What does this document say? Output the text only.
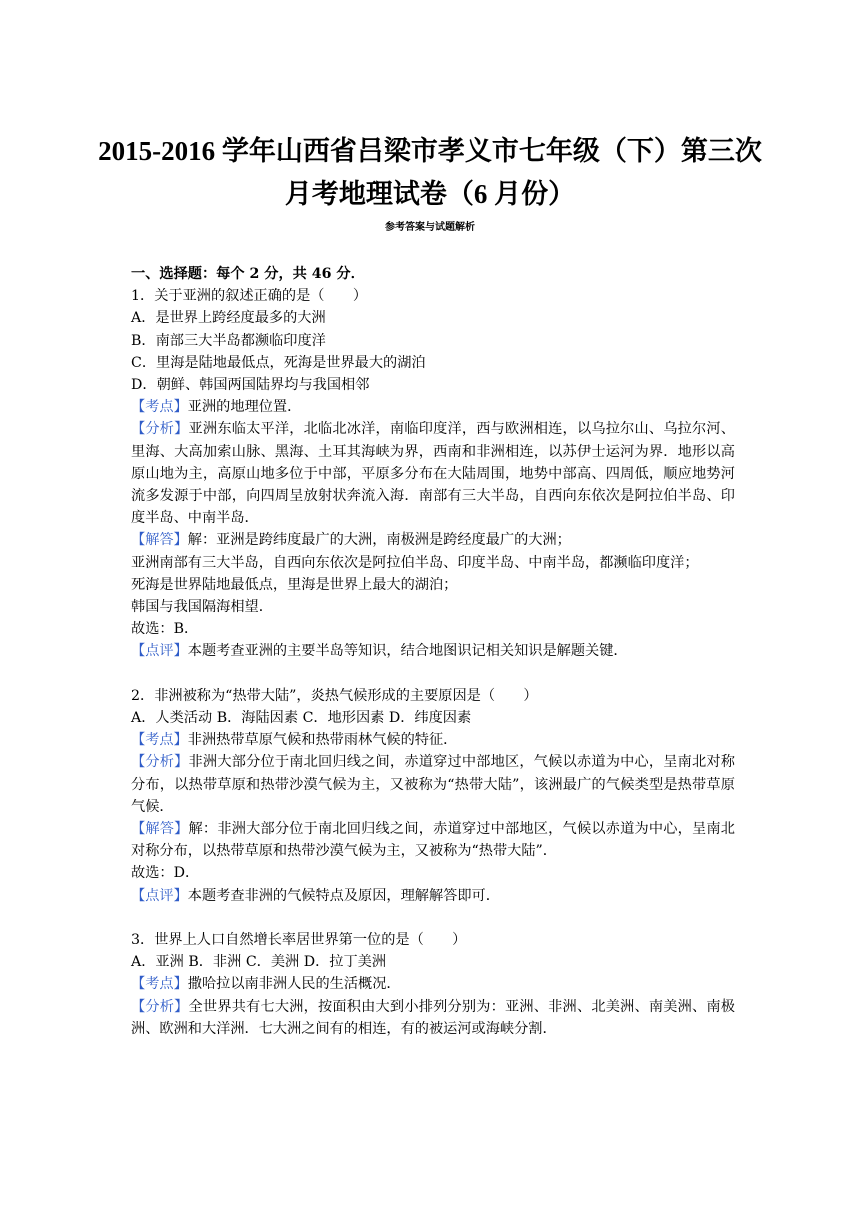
2015-2016 学年山西省吕梁市孝义市七年级（下）第三次
月考地理试卷（6 月份）
参考答案与试题解析

一、选择题：每个 2 分，共 46 分．

1．关于亚洲的叙述正确的是（　　）

A．是世界上跨经度最多的大洲

B．南部三大半岛都濒临印度洋

C．里海是陆地最低点，死海是世界最大的湖泊

D．朝鲜、韩国两国陆界均与我国相邻

【考点】亚洲的地理位置．

【分析】亚洲东临太平洋，北临北冰洋，南临印度洋，西与欧洲相连，以乌拉尔山、乌拉尔河、里海、大高加索山脉、黑海、土耳其海峡为界，西南和非洲相连，以苏伊士运河为界．地形以高原山地为主，高原山地多位于中部，平原多分布在大陆周围，地势中部高、四周低，顺应地势河流多发源于中部，向四周呈放射状奔流入海．南部有三大半岛，自西向东依次是阿拉伯半岛、印度半岛、中南半岛．

【解答】解：亚洲是跨纬度最广的大洲，南极洲是跨经度最广的大洲；

亚洲南部有三大半岛，自西向东依次是阿拉伯半岛、印度半岛、中南半岛，都濒临印度洋；

死海是世界陆地最低点，里海是世界上最大的湖泊；

韩国与我国隔海相望．

故选：B．

【点评】本题考查亚洲的主要半岛等知识，结合地图识记相关知识是解题关键．

2．非洲被称为“热带大陆”，炎热气候形成的主要原因是（　　）

A．人类活动 B．海陆因素 C．地形因素 D．纬度因素

【考点】非洲热带草原气候和热带雨林气候的特征．

【分析】非洲大部分位于南北回归线之间，赤道穿过中部地区，气候以赤道为中心，呈南北对称分布，以热带草原和热带沙漠气候为主，又被称为“热带大陆”，该洲最广的气候类型是热带草原气候．

【解答】解：非洲大部分位于南北回归线之间，赤道穿过中部地区，气候以赤道为中心，呈南北对称分布，以热带草原和热带沙漠气候为主，又被称为“热带大陆”．

故选：D．

【点评】本题考查非洲的气候特点及原因，理解解答即可．

3．世界上人口自然增长率居世界第一位的是（　　）

A．亚洲 B．非洲 C．美洲 D．拉丁美洲

【考点】撒哈拉以南非洲人民的生活概况．

【分析】全世界共有七大洲，按面积由大到小排列分别为：亚洲、非洲、北美洲、南美洲、南极洲、欧洲和大洋洲．七大洲之间有的相连，有的被运河或海峡分割．
